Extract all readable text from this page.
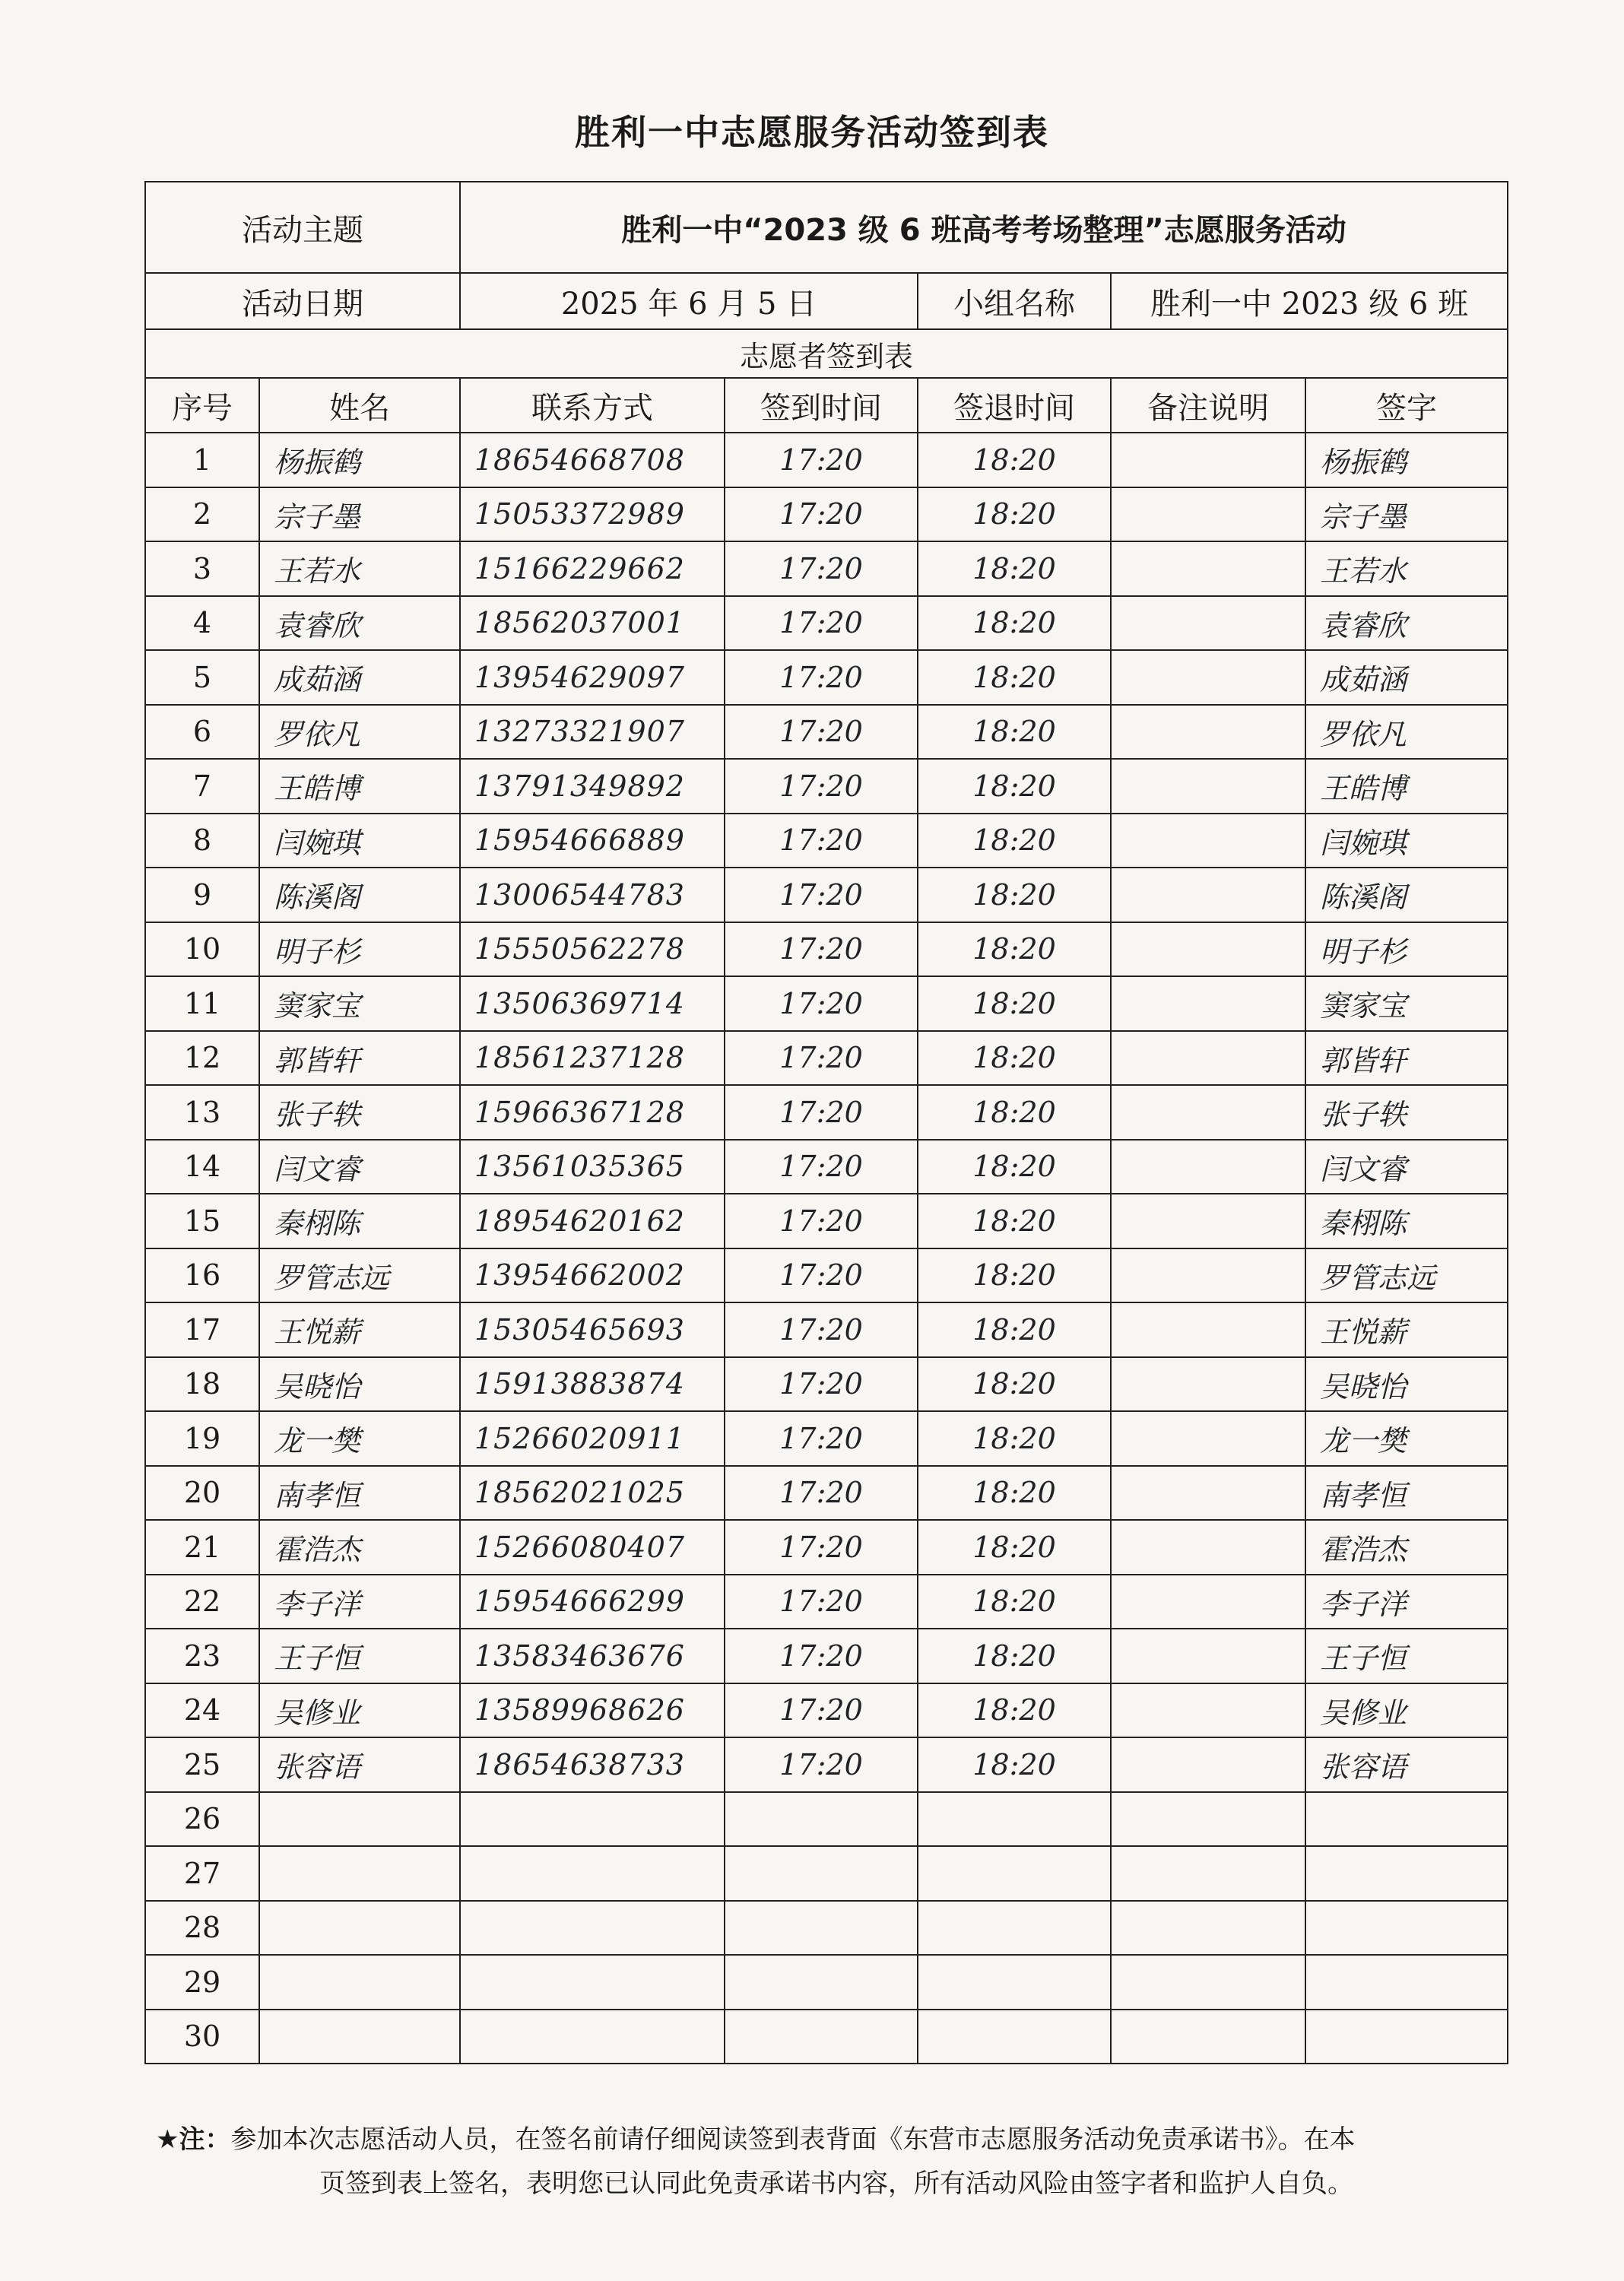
胜利一中志愿服务活动签到表
活动主题		胜利一中“2023 级 6 班高考考场整理”志愿服务活动				
活动日期		2025 年 6 月 5 日		小组名称	胜利一中 2023 级 6 班	
志愿者签到表						
序号	姓名	联系方式	签到时间	签退时间	备注说明	签字
1	杨振鹤	18654668708	17:20	18:20		杨振鹤
2	宗子墨	15053372989	17:20	18:20		宗子墨
3	王若水	15166229662	17:20	18:20		王若水
4	袁睿欣	18562037001	17:20	18:20		袁睿欣
5	成茹涵	13954629097	17:20	18:20		成茹涵
6	罗依凡	13273321907	17:20	18:20		罗依凡
7	王皓博	13791349892	17:20	18:20		王皓博
8	闫婉琪	15954666889	17:20	18:20		闫婉琪
9	陈溪阁	13006544783	17:20	18:20		陈溪阁
10	明子杉	15550562278	17:20	18:20		明子杉
11	窦家宝	13506369714	17:20	18:20		窦家宝
12	郭皆轩	18561237128	17:20	18:20		郭皆轩
13	张子轶	15966367128	17:20	18:20		张子轶
14	闫文睿	13561035365	17:20	18:20		闫文睿
15	秦栩陈	18954620162	17:20	18:20		秦栩陈
16	罗管志远	13954662002	17:20	18:20		罗管志远
17	王悦薪	15305465693	17:20	18:20		王悦薪
18	吴晓怡	15913883874	17:20	18:20		吴晓怡
19	龙一樊	15266020911	17:20	18:20		龙一樊
20	南孝恒	18562021025	17:20	18:20		南孝恒
21	霍浩杰	15266080407	17:20	18:20		霍浩杰
22	李子洋	15954666299	17:20	18:20		李子洋
23	王子恒	13583463676	17:20	18:20		王子恒
24	吴修业	13589968626	17:20	18:20		吴修业
25	张容语	18654638733	17:20	18:20		张容语
26						
27						
28						
29						
30						
★注：参加本次志愿活动人员，在签名前请仔细阅读签到表背面《东营市志愿服务活动免责承诺书》。在本
页签到表上签名，表明您已认同此免责承诺书内容，所有活动风险由签字者和监护人自负。
